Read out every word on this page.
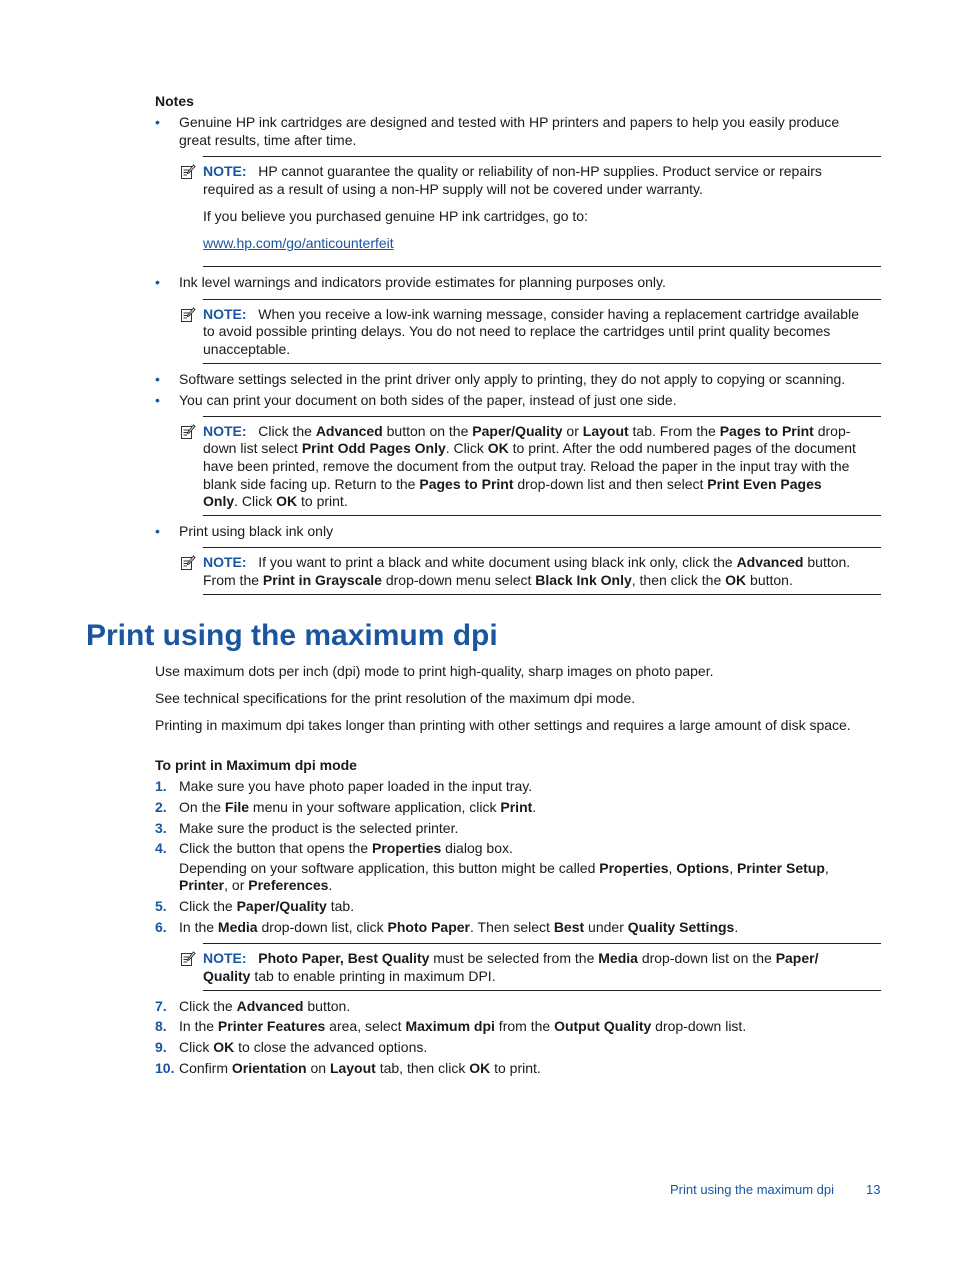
Notes
• Genuine HP ink cartridges are designed and tested with HP printers and papers to help you easily produce
great results, time after time.
NOTE: HP cannot guarantee the quality or reliability of non-HP supplies. Product service or repairs
required as a result of using a non-HP supply will not be covered under warranty.
If you believe you purchased genuine HP ink cartridges, go to:
www.hp.com/go/anticounterfeit
• Ink level warnings and indicators provide estimates for planning purposes only.
NOTE: When you receive a low-ink warning message, consider having a replacement cartridge available
to avoid possible printing delays. You do not need to replace the cartridges until print quality becomes
unacceptable.
• Software settings selected in the print driver only apply to printing, they do not apply to copying or scanning.
• You can print your document on both sides of the paper, instead of just one side.
NOTE: Click the Advanced button on the Paper/Quality or Layout tab. From the Pages to Print drop-
down list select Print Odd Pages Only. Click OK to print. After the odd numbered pages of the document
have been printed, remove the document from the output tray. Reload the paper in the input tray with the
blank side facing up. Return to the Pages to Print drop-down list and then select Print Even Pages
Only. Click OK to print.
• Print using black ink only
NOTE: If you want to print a black and white document using black ink only, click the Advanced button.
From the Print in Grayscale drop-down menu select Black Ink Only, then click the OK button.
Print using the maximum dpi
Use maximum dots per inch (dpi) mode to print high-quality, sharp images on photo paper.
See technical specifications for the print resolution of the maximum dpi mode.
Printing in maximum dpi takes longer than printing with other settings and requires a large amount of disk space.
To print in Maximum dpi mode
1. Make sure you have photo paper loaded in the input tray.
2. On the File menu in your software application, click Print.
3. Make sure the product is the selected printer.
4. Click the button that opens the Properties dialog box.
Depending on your software application, this button might be called Properties, Options, Printer Setup,
Printer, or Preferences.
5. Click the Paper/Quality tab.
6. In the Media drop-down list, click Photo Paper. Then select Best under Quality Settings.
NOTE: Photo Paper, Best Quality must be selected from the Media drop-down list on the Paper/
Quality tab to enable printing in maximum DPI.
7. Click the Advanced button.
8. In the Printer Features area, select Maximum dpi from the Output Quality drop-down list.
9. Click OK to close the advanced options.
10. Confirm Orientation on Layout tab, then click OK to print.
Print using the maximum dpi 13
